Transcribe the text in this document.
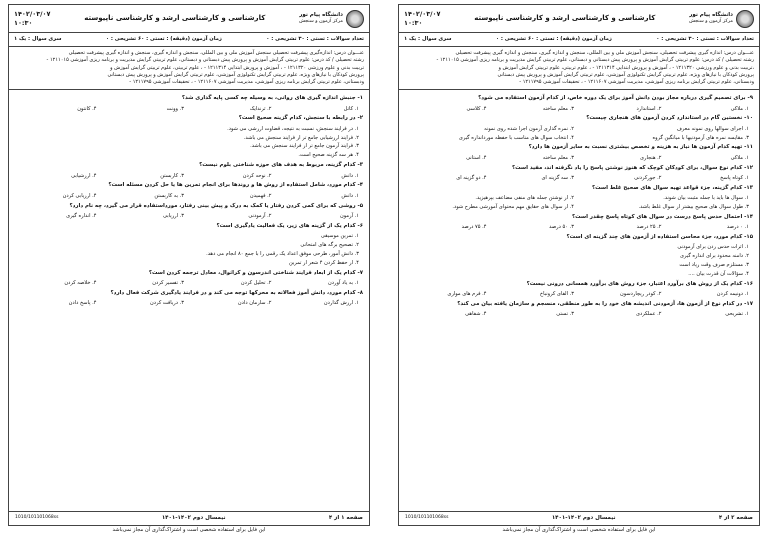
دانشگاه پیام نور
مرکز آزمون و سنجش
کارشناسی و کارشناسی ارشد و کارشناسی ناپیوسته
۱۴۰۲/۰۳/۰۷
۱۰:۳۰
تعداد سوالات : تستی : ۳۰ تشریحی : ۰
زمان آزمون (دقیقه) : تستی : ۶۰ تشریحی : ۰
سری سوال : یک ۱
عنـــوان درس: اندازه‌گیری پیشرفت تحصیلی سنجش آموزش ملی و بین المللی، سنجش و اندازه گیری، سنجش و اندازه گیری پیشرفت تحصیلی
رشته تحصیلی / کد درس: علوم تربیتی گرایش آموزش و پرورش پیش دبستانی و دبستانی، علوم تربیتی گرایش مدیریت و برنامه ریزی آموزشی ۱۲۱۱۰۱۵ -
تربیت بدنی و علوم ورزشی ۱۲۱۱۳۲۰ - ، آموزش و پرورش ابتدایی ۱۲۱۱۳۱۴ - ، علوم تربیتی، علوم تربیتی گرایش آموزش و
پرورش کودکان با نیازهای ویژه، علوم تربیتی گرایش تکنولوژی آموزشی، علوم تربیتی گرایش آموزش و پرورش پیش دبستانی
ودبستانی، علوم تربیتی گرایش برنامه ریزی آموزشی، مدیریت آموزشی ۱۲۱۱۶۰۷ - ، تحقیقات آموزشی ۱۲۱۱۷۹۵ -
۱- جنبش اندازه گیری های روانی، به وسیله چه کسی پایه گذاری شد؟
۱. کاتل
۲. ثرندایک
۳. وونت
۴. کانتون
۲- در رابطه با سنجش، کدام گزینه صحیح است؟
۱. در فرایند سنجش، نسبت به نتیجه، قضاوت ارزشی می شود.
۲. فرایند ارزشیابی جامع تر از فرایند سنجش می باشد.
۳. فرایند آزمون جامع تر از فرایند سنجش می باشد.
۴. هر سه گزینه صحیح است.
۳- کدام گزینه، مربوط به هدف های حوزه شناختی بلوم نیست؟
۱. دانش
۲. نوحه کردن
۳. کاربستن
۴. ارزشیابی
۴- کدام مورد، شامل استفاده از روش ها و روندها برای انجام تمرین ها یا حل کردن مسئله است؟
۱. دانش
۲. فهمیدن
۳. به کاربستن
۴. ارزیابی کردن
۵- روشی که برای کمی کردن رفتار یا کمک به درک و پیش بینی رفتار، مورداستفاده قرار می گیرد، چه نام دارد؟
۱. آزمون
۲. آزمودنی
۳. ارزیابی
۴. اندازه گیری
۶- کدام یک از گزینه های زیر، یک فعالیت یادگیری است؟
۱. تمرین موسیقی
۲. تصحیح برگه های امتحانی
۳. دانش آموز، طرحی موفق اعداد یک رقمی را با جمع ۸۰ انجام می دهد.
۴. از حفظ کردن ۴ شعر از تمرین
۷- کدام یک از ابعاد فرایند شناختی اندرسون و کراثوال، معادل ترجمه کردن است؟
۱. به یاد آوردن
۲. تحلیل کردن
۳. تفسیر کردن
۴. خلاصه کردن
۸- کدام مورد، دانش آموز فعالانه به محرکها توجه می کند و در فرایند یادگیری شرکت فعال دارد؟
۱. ارزش گذاردن
۲. سازمان دادن
۳. دریافت کردن
۴. پاسخ دادن
صفحه ۱ از ۴
نیمسال دوم ۱۴۰۲-۱۴۰۱
1010/101101068ss
این فایل برای استفاده شخصی است و اشتراک‌گذاری آن مجاز نمی‌باشد
دانشگاه پیام نور
مرکز آزمون و سنجش
کارشناسی و کارشناسی ارشد و کارشناسی ناپیوسته
۱۴۰۲/۰۳/۰۷
۱۰:۳۰
تعداد سوالات : تستی : ۳۰ تشریحی : ۰
زمان آزمون (دقیقه) : تستی : ۶۰ تشریحی : ۰
سری سوال : یک ۱
عنـــوان درس: اندازه گیری پیشرفت تحصیلی، سنجش آموزش ملی و بین المللی، سنجش و اندازه گیری، سنجش و اندازه گیری پیشرفت تحصیلی
رشته تحصیلی / کد درس: علوم تربیتی گرایش آموزش و پرورش پیش دبستانی و دبستانی، علوم تربیتی گرایش مدیریت و برنامه ریزی آموزشی ۱۲۱۱۰۱۵ -
،تربیت بدنی و علوم ورزشی ۱۲۱۱۳۲۰ - ، آموزش و پرورش ابتدایی ۱۲۱۱۳۱۴ - ، علوم تربیتی، علوم تربیتی گرایش آموزش و
پرورش کودکان با نیازهای ویژه، علوم تربیتی گرایش تکنولوژی آموزشی، علوم تربیتی گرایش آموزش و پرورش پیش دبستانی
ودبستانی، علوم تربیتی گرایش برنامه ریزی آموزشی، مدیریت آموزشی ۱۲۱۱۶۰۷ - ، تحقیقات آموزشی ۱۲۱۱۷۹۵ -
۹- برای تصمیم گیری درباره مجاز بودن دانش آموز برای یک دوره خاص، از کدام آزمون استفاده می شود؟
۱. ملاکی
۲. استاندارد
۳. معلم ساخته
۴. کلاسی
۱۰- نخستین گام در استاندارد کردن آزمون های هنجاری چیست؟
۱. اجرای سوالها روی نمونه معرف
۲. نمره گذاری آزمون اجرا شده روی نمونه
۳. مقایسه نمره های آزمودنیها با میانگین گروه
۴. انتخاب سوال های مناسب با حفظه مورداندازه گیری
۱۱- تهیه کدام آزمون ها نیاز به هزینه و تخصص بیشتری نسبت به سایر آزمون ها دارد؟
۱. ملاکی
۲. هنجاری
۳. معلم ساخته
۴. استانی
۱۲- کدام نوع سوال، برای کودکان کوچک که هنوز نوشتن پاسخ را یاد نگرفته اند، مفید است؟
۱. کوتاه پاسخ
۲. جورکردنی
۳. سه گزینه ای
۴. دو گزینه ای
۱۳- کدام گزینه، جزء قواعد تهیه سوال های صحیح غلط است؟
۱. سوال ها باید با جمله مثبت بیان شوند.
۲. از نوشتن جمله های منفی مضاعف بپرهیزید.
۳. طول سوال های صحیح بیشتر از سوال غلط باشد.
۴. از سوال های حقایق مهم محتوای آموزشی مطرح شود.
۱۴- احتمال حدس پاسخ درست در سوال های کوتاه پاسخ چقدر است؟
۱. ۰ درصد
۲. ۲۵ درصد
۳. ۵۰ درصد
۴. ۷۵ درصد
۱۵- کدام مورد، جزء محاسن استفاده از آزمون های چند گزینه ای است؟
۱. اثرات حدس زدن برای آزمودنی
۲. دامنه محدود برای اندازه گیری
۳. مستلزم صرف وقت زیاد است
۴. سؤالات آن قدرت بیان ....
۱۶- کدام یک از روش های برآورد اعتبار، جزء روش های برآورد همسانی درونی نیست؟
۱. دونیمه کردن
۲. کودر ریچاردسون
۳. الفای کرونباخ
۴. فرم های موازی
۱۷- در کدام نوع از آزمون ها، آزمودنی اندیشه های خود را به طور منطقی، منسجم و سازمان یافته بیان می کند؟
۱. تشریحی
۲. عملکردی
۳. تستی
۴. شفاهی
صفحه ۲ از ۴
نیمسال دوم ۱۴۰۲-۱۴۰۱
1010/101101068ss
این فایل برای استفاده شخصی است و اشتراک‌گذاری آن مجاز نمی‌باشد
